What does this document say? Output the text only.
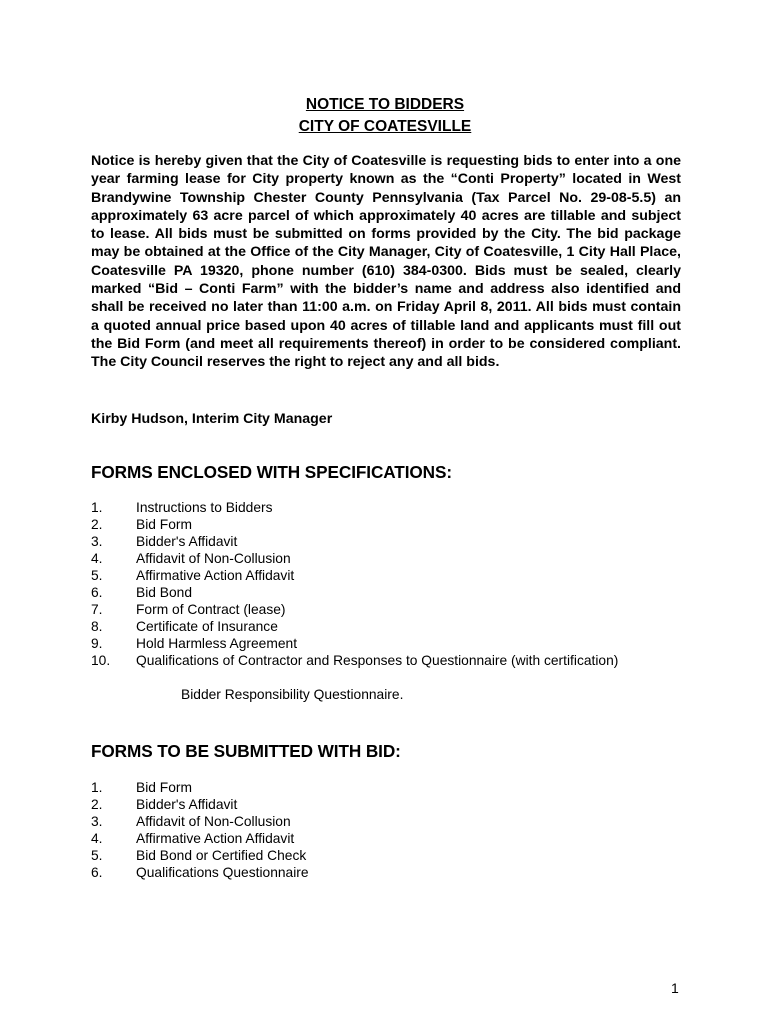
NOTICE TO BIDDERS
CITY OF COATESVILLE

Notice is hereby given that the City of Coatesville is requesting bids to enter into a one year farming lease for City property known as the “Conti Property” located in West Brandywine Township Chester County Pennsylvania (Tax Parcel No. 29-08-5.5) an approximately 63 acre parcel of which approximately 40 acres are tillable and subject to lease. All bids must be submitted on forms provided by the City. The bid package may be obtained at the Office of the City Manager, City of Coatesville, 1 City Hall Place, Coatesville PA 19320, phone number (610) 384-0300. Bids must be sealed, clearly marked “Bid – Conti Farm” with the bidder’s name and address also identified and shall be received no later than 11:00 a.m. on Friday April 8, 2011. All bids must contain a quoted annual price based upon 40 acres of tillable land and applicants must fill out the Bid Form (and meet all requirements thereof) in order to be considered compliant. The City Council reserves the right to reject any and all bids.

Kirby Hudson, Interim City Manager

FORMS ENCLOSED WITH SPECIFICATIONS:
1. Instructions to Bidders
2. Bid Form
3. Bidder's Affidavit
4. Affidavit of Non-Collusion
5. Affirmative Action Affidavit
6. Bid Bond
7. Form of Contract (lease)
8. Certificate of Insurance
9. Hold Harmless Agreement
10. Qualifications of Contractor and Responses to Questionnaire (with certification)

Bidder Responsibility Questionnaire.

FORMS TO BE SUBMITTED WITH BID:
1. Bid Form
2. Bidder's Affidavit
3. Affidavit of Non-Collusion
4. Affirmative Action Affidavit
5. Bid Bond or Certified Check
6. Qualifications Questionnaire

1
